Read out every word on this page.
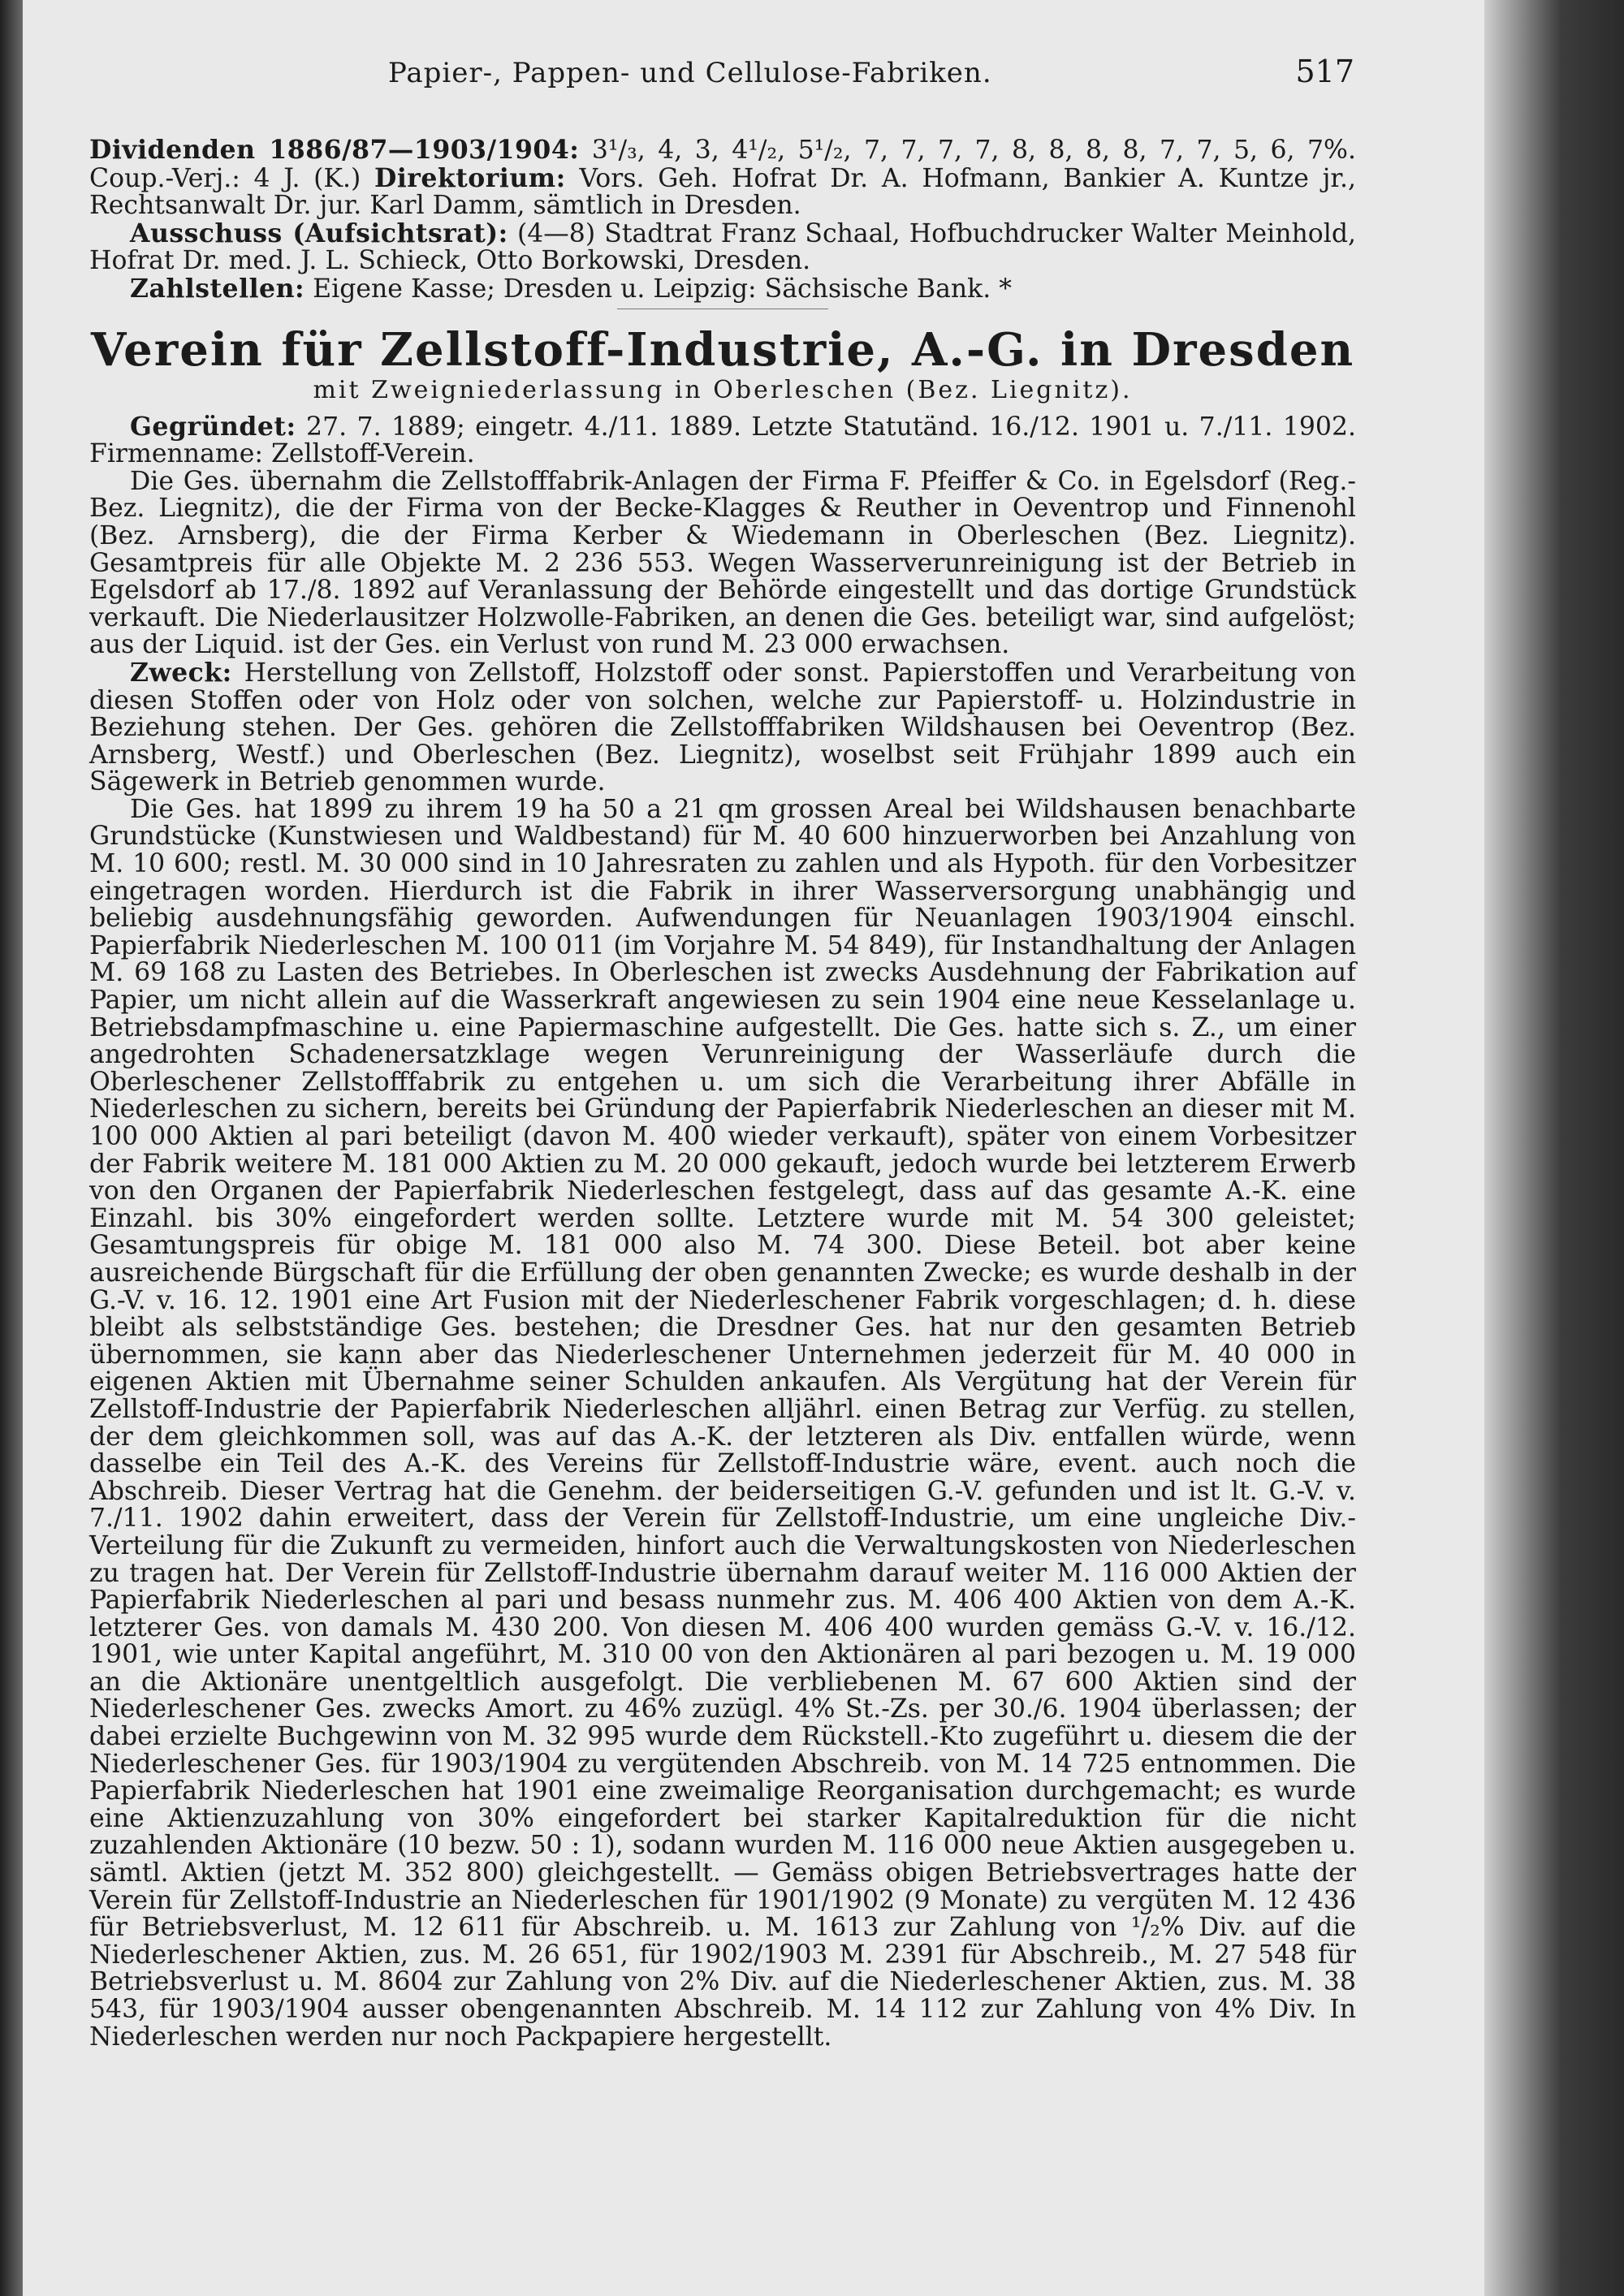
Papier-, Pappen- und Cellulose-Fabriken.	517

Dividenden 1886/87—1903/1904: 3¹/₃, 4, 3, 4¹/₂, 5¹/₂, 7, 7, 7, 7, 8, 8, 8, 8, 7, 7, 5, 6, 7%. Coup.-Verj.: 4 J. (K.) Direktorium: Vors. Geh. Hofrat Dr. A. Hofmann, Bankier A. Kuntze jr., Rechtsanwalt Dr. jur. Karl Damm, sämtlich in Dresden.

Ausschuss (Aufsichtsrat): (4—8) Stadtrat Franz Schaal, Hofbuchdrucker Walter Meinhold, Hofrat Dr. med. J. L. Schieck, Otto Borkowski, Dresden.

Zahlstellen: Eigene Kasse; Dresden u. Leipzig: Sächsische Bank. *

Verein für Zellstoff-Industrie, A.-G. in Dresden
mit Zweigniederlassung in Oberleschen (Bez. Liegnitz).

Gegründet: 27. 7. 1889; eingetr. 4./11. 1889. Letzte Statutänd. 16./12. 1901 u. 7./11. 1902. Firmenname: Zellstoff-Verein.

Die Ges. übernahm die Zellstofffabrik-Anlagen der Firma F. Pfeiffer & Co. in Egelsdorf (Reg.-Bez. Liegnitz), die der Firma von der Becke-Klagges & Reuther in Oeventrop und Finnenohl (Bez. Arnsberg), die der Firma Kerber & Wiedemann in Oberleschen (Bez. Liegnitz). Gesamtpreis für alle Objekte M. 2 236 553. Wegen Wasserverunreinigung ist der Betrieb in Egelsdorf ab 17./8. 1892 auf Veranlassung der Behörde eingestellt und das dortige Grundstück verkauft. Die Niederlausitzer Holzwolle-Fabriken, an denen die Ges. beteiligt war, sind aufgelöst; aus der Liquid. ist der Ges. ein Verlust von rund M. 23 000 erwachsen.

Zweck: Herstellung von Zellstoff, Holzstoff oder sonst. Papierstoffen und Verarbeitung von diesen Stoffen oder von Holz oder von solchen, welche zur Papierstoff- u. Holzindustrie in Beziehung stehen. Der Ges. gehören die Zellstofffabriken Wildshausen bei Oeventrop (Bez. Arnsberg, Westf.) und Oberleschen (Bez. Liegnitz), woselbst seit Frühjahr 1899 auch ein Sägewerk in Betrieb genommen wurde.

Die Ges. hat 1899 zu ihrem 19 ha 50 a 21 qm grossen Areal bei Wildshausen benachbarte Grundstücke (Kunstwiesen und Waldbestand) für M. 40 600 hinzuerworben bei Anzahlung von M. 10 600; restl. M. 30 000 sind in 10 Jahresraten zu zahlen und als Hypoth. für den Vorbesitzer eingetragen worden. Hierdurch ist die Fabrik in ihrer Wasserversorgung unabhängig und beliebig ausdehnungsfähig geworden. Aufwendungen für Neuanlagen 1903/1904 einschl. Papierfabrik Niederleschen M. 100 011 (im Vorjahre M. 54 849), für Instandhaltung der Anlagen M. 69 168 zu Lasten des Betriebes. In Oberleschen ist zwecks Ausdehnung der Fabrikation auf Papier, um nicht allein auf die Wasserkraft angewiesen zu sein 1904 eine neue Kesselanlage u. Betriebsdampfmaschine u. eine Papiermaschine aufgestellt. Die Ges. hatte sich s. Z., um einer angedrohten Schadenersatzklage wegen Verunreinigung der Wasserläufe durch die Oberleschener Zellstofffabrik zu entgehen u. um sich die Verarbeitung ihrer Abfälle in Niederleschen zu sichern, bereits bei Gründung der Papierfabrik Niederleschen an dieser mit M. 100 000 Aktien al pari beteiligt (davon M. 400 wieder verkauft), später von einem Vorbesitzer der Fabrik weitere M. 181 000 Aktien zu M. 20 000 gekauft, jedoch wurde bei letzterem Erwerb von den Organen der Papierfabrik Niederleschen festgelegt, dass auf das gesamte A.-K. eine Einzahl. bis 30% eingefordert werden sollte. Letztere wurde mit M. 54 300 geleistet; Gesamtungspreis für obige M. 181 000 also M. 74 300. Diese Beteil. bot aber keine ausreichende Bürgschaft für die Erfüllung der oben genannten Zwecke; es wurde deshalb in der G.-V. v. 16. 12. 1901 eine Art Fusion mit der Niederleschener Fabrik vorgeschlagen; d. h. diese bleibt als selbstständige Ges. bestehen; die Dresdner Ges. hat nur den gesamten Betrieb übernommen, sie kann aber das Niederleschener Unternehmen jederzeit für M. 40 000 in eigenen Aktien mit Übernahme seiner Schulden ankaufen. Als Vergütung hat der Verein für Zellstoff-Industrie der Papierfabrik Niederleschen alljährl. einen Betrag zur Verfüg. zu stellen, der dem gleichkommen soll, was auf das A.-K. der letzteren als Div. entfallen würde, wenn dasselbe ein Teil des A.-K. des Vereins für Zellstoff-Industrie wäre, event. auch noch die Abschreib. Dieser Vertrag hat die Genehm. der beiderseitigen G.-V. gefunden und ist lt. G.-V. v. 7./11. 1902 dahin erweitert, dass der Verein für Zellstoff-Industrie, um eine ungleiche Div.-Verteilung für die Zukunft zu vermeiden, hinfort auch die Verwaltungskosten von Niederleschen zu tragen hat. Der Verein für Zellstoff-Industrie übernahm darauf weiter M. 116 000 Aktien der Papierfabrik Niederleschen al pari und besass nunmehr zus. M. 406 400 Aktien von dem A.-K. letzterer Ges. von damals M. 430 200. Von diesen M. 406 400 wurden gemäss G.-V. v. 16./12. 1901, wie unter Kapital angeführt, M. 310 00 von den Aktionären al pari bezogen u. M. 19 000 an die Aktionäre unentgeltlich ausgefolgt. Die verbliebenen M. 67 600 Aktien sind der Niederleschener Ges. zwecks Amort. zu 46% zuzügl. 4% St.-Zs. per 30./6. 1904 überlassen; der dabei erzielte Buchgewinn von M. 32 995 wurde dem Rückstell.-Kto zugeführt u. diesem die der Niederleschener Ges. für 1903/1904 zu vergütenden Abschreib. von M. 14 725 entnommen. Die Papierfabrik Niederleschen hat 1901 eine zweimalige Reorganisation durchgemacht; es wurde eine Aktienzuzahlung von 30% eingefordert bei starker Kapitalreduktion für die nicht zuzahlenden Aktionäre (10 bezw. 50 : 1), sodann wurden M. 116 000 neue Aktien ausgegeben u. sämtl. Aktien (jetzt M. 352 800) gleichgestellt. — Gemäss obigen Betriebsvertrages hatte der Verein für Zellstoff-Industrie an Niederleschen für 1901/1902 (9 Monate) zu vergüten M. 12 436 für Betriebsverlust, M. 12 611 für Abschreib. u. M. 1613 zur Zahlung von ¹/₂% Div. auf die Niederleschener Aktien, zus. M. 26 651, für 1902/1903 M. 2391 für Abschreib., M. 27 548 für Betriebsverlust u. M. 8604 zur Zahlung von 2% Div. auf die Niederleschener Aktien, zus. M. 38 543, für 1903/1904 ausser obengenannten Abschreib. M. 14 112 zur Zahlung von 4% Div. In Niederleschen werden nur noch Packpapiere hergestellt.
